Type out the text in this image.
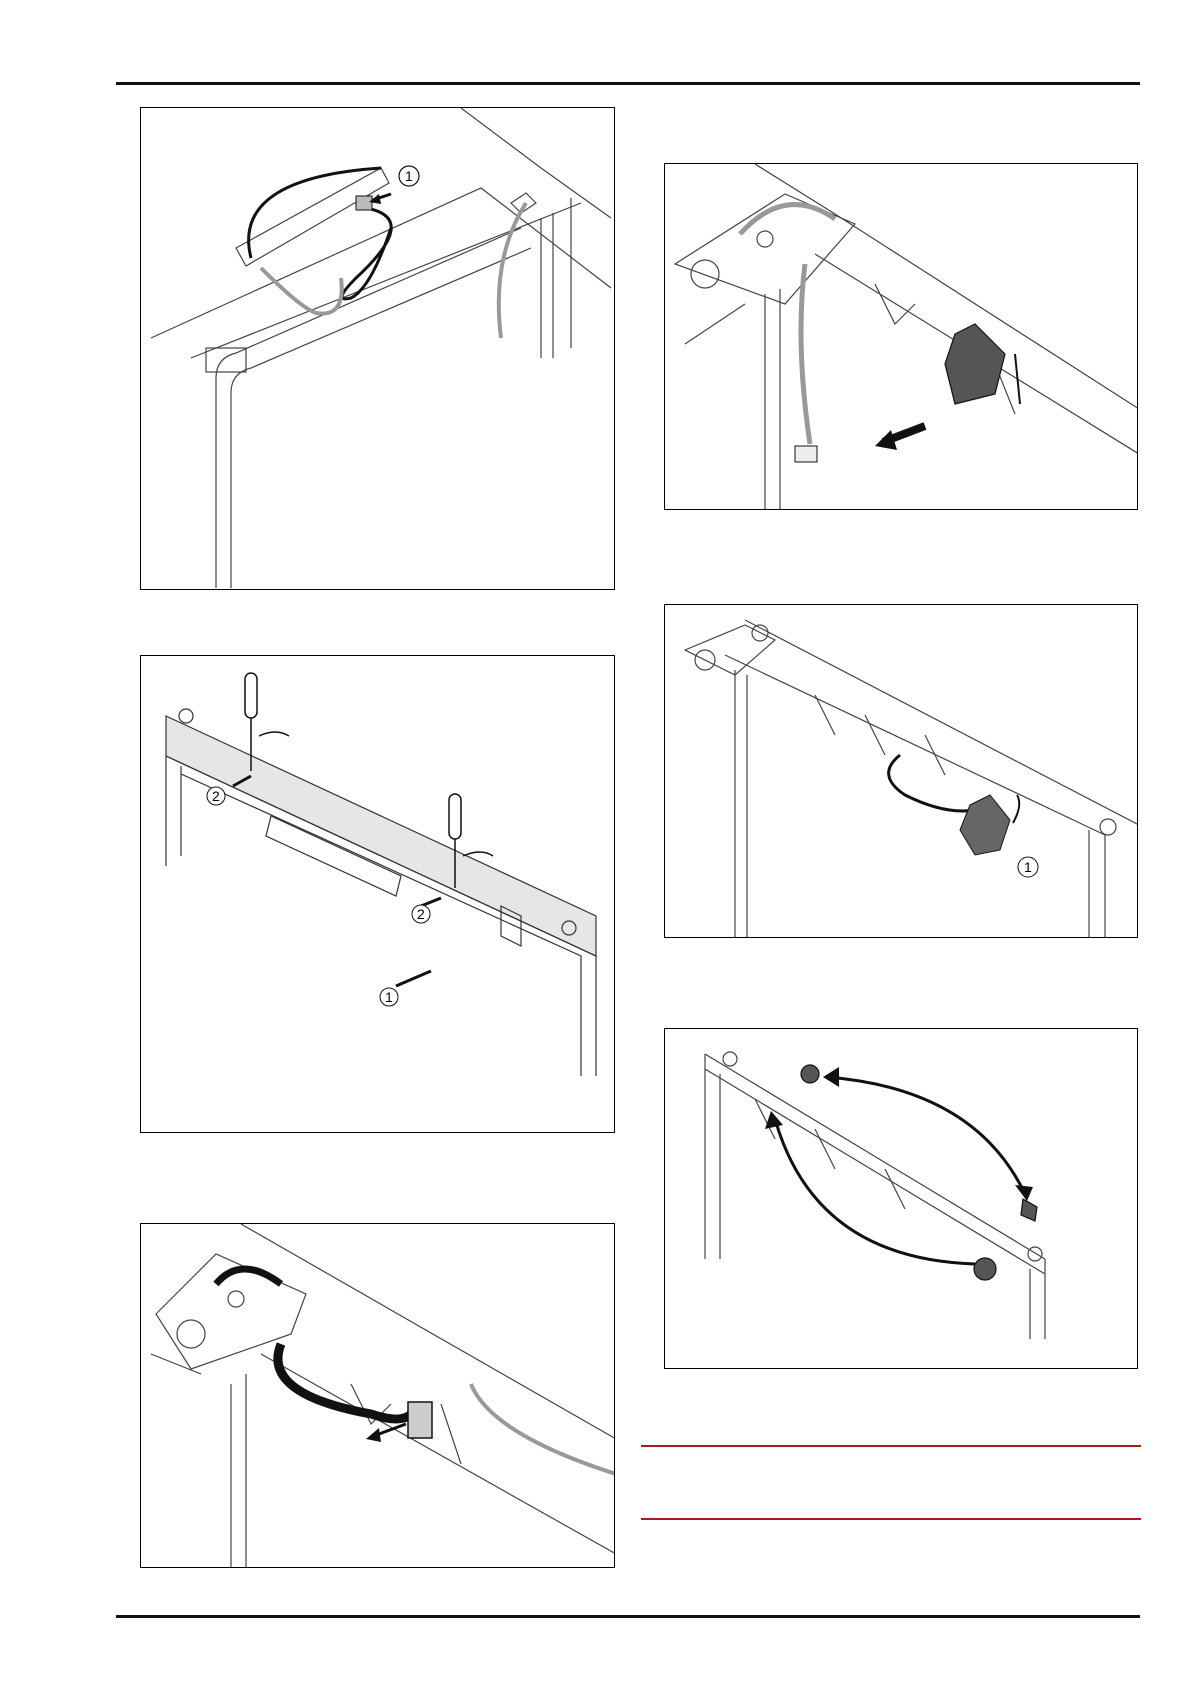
1
2
2
1
1
